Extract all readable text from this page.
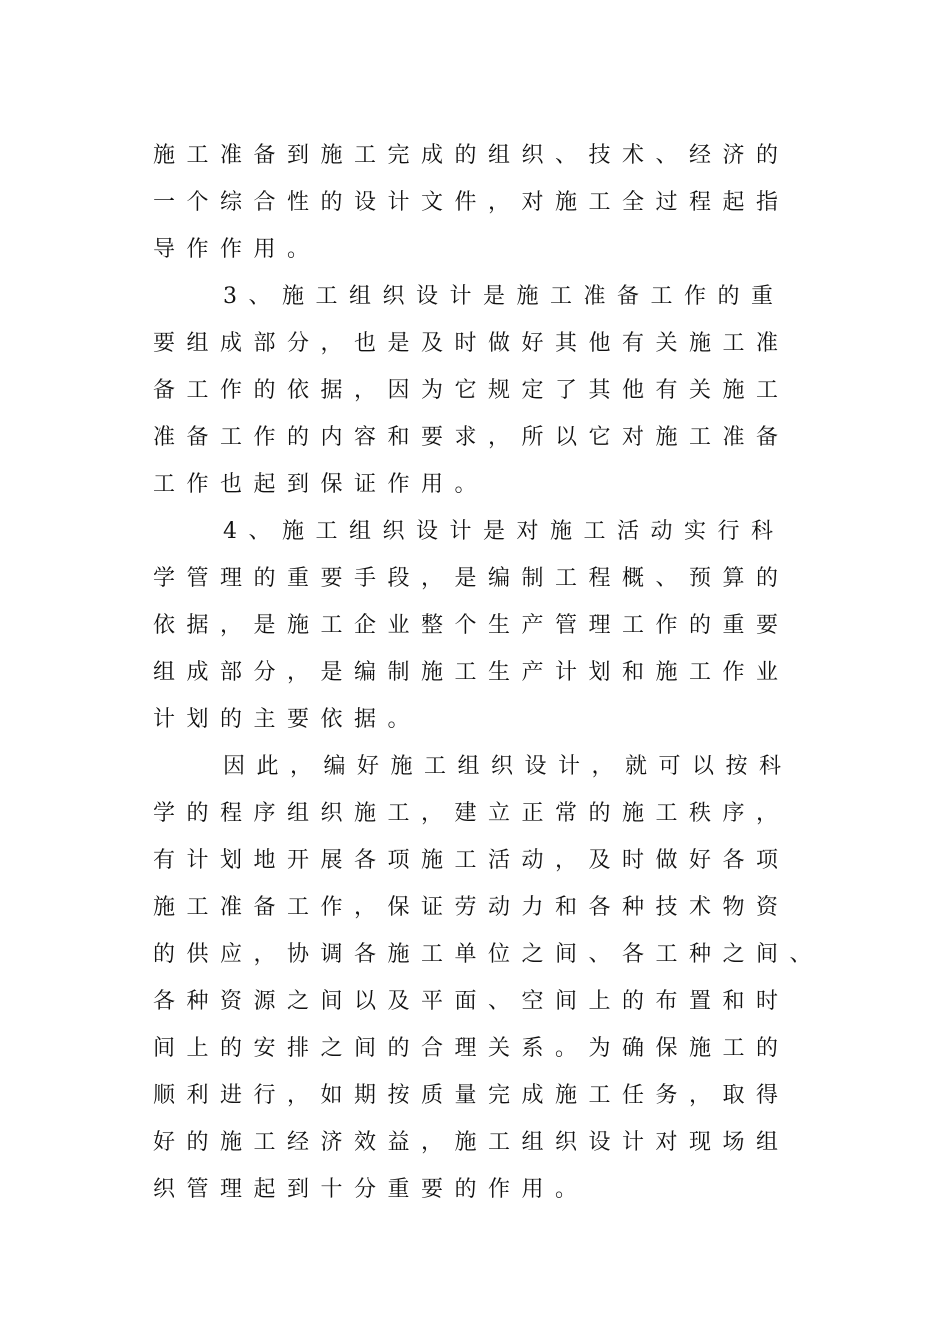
施工准备到施工完成的组织、技术、经济的
一个综合性的设计文件，对施工全过程起指
导作作用。
3、施工组织设计是施工准备工作的重
要组成部分，也是及时做好其他有关施工准
备工作的依据，因为它规定了其他有关施工
准备工作的内容和要求，所以它对施工准备
工作也起到保证作用。
4、施工组织设计是对施工活动实行科
学管理的重要手段，是编制工程概、预算的
依据，是施工企业整个生产管理工作的重要
组成部分，是编制施工生产计划和施工作业
计划的主要依据。
因此，编好施工组织设计，就可以按科
学的程序组织施工，建立正常的施工秩序，
有计划地开展各项施工活动，及时做好各项
施工准备工作，保证劳动力和各种技术物资
的供应，协调各施工单位之间、各工种之间、
各种资源之间以及平面、空间上的布置和时
间上的安排之间的合理关系。为确保施工的
顺利进行，如期按质量完成施工任务，取得
好的施工经济效益，施工组织设计对现场组
织管理起到十分重要的作用。
